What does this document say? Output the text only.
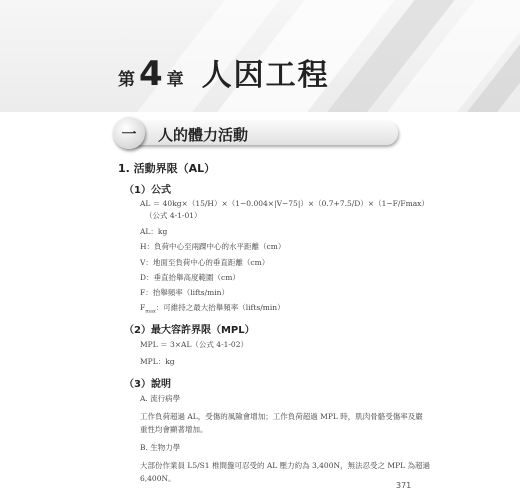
第 4 章 人因工程
一	人的體力活動
1. 活動界限（AL）
（1）公式
AL ＝ 40kg×（15/H）×（1−0.004×|V−75|）×（0.7+7.5/D）×（1−F/Fmax）
（公式 4-1-01）
AL：kg
H：負荷中心至兩踝中心的水平距離（cm）
V：地面至負荷中心的垂直距離（cm）
D：垂直抬舉高度範圍（cm）
F：抬舉頻率（lifts/min）
$F_{max}$：可維持之最大抬舉頻率（lifts/min）
（2）最大容許界限（MPL）
MPL ＝ 3×AL（公式 4-1-02）
MPL：kg
（3）說明
A. 流行病學
工作負荷超過 AL，受傷的風險會增加；工作負荷超過 MPL 時，肌肉骨骼受傷率及嚴
重性均會顯著增加。
B. 生物力學
大部份作業員 L5/S1 椎間盤可忍受的 AL 壓力約為 3,400N，無法忍受之 MPL 為超過
6,400N。
371
